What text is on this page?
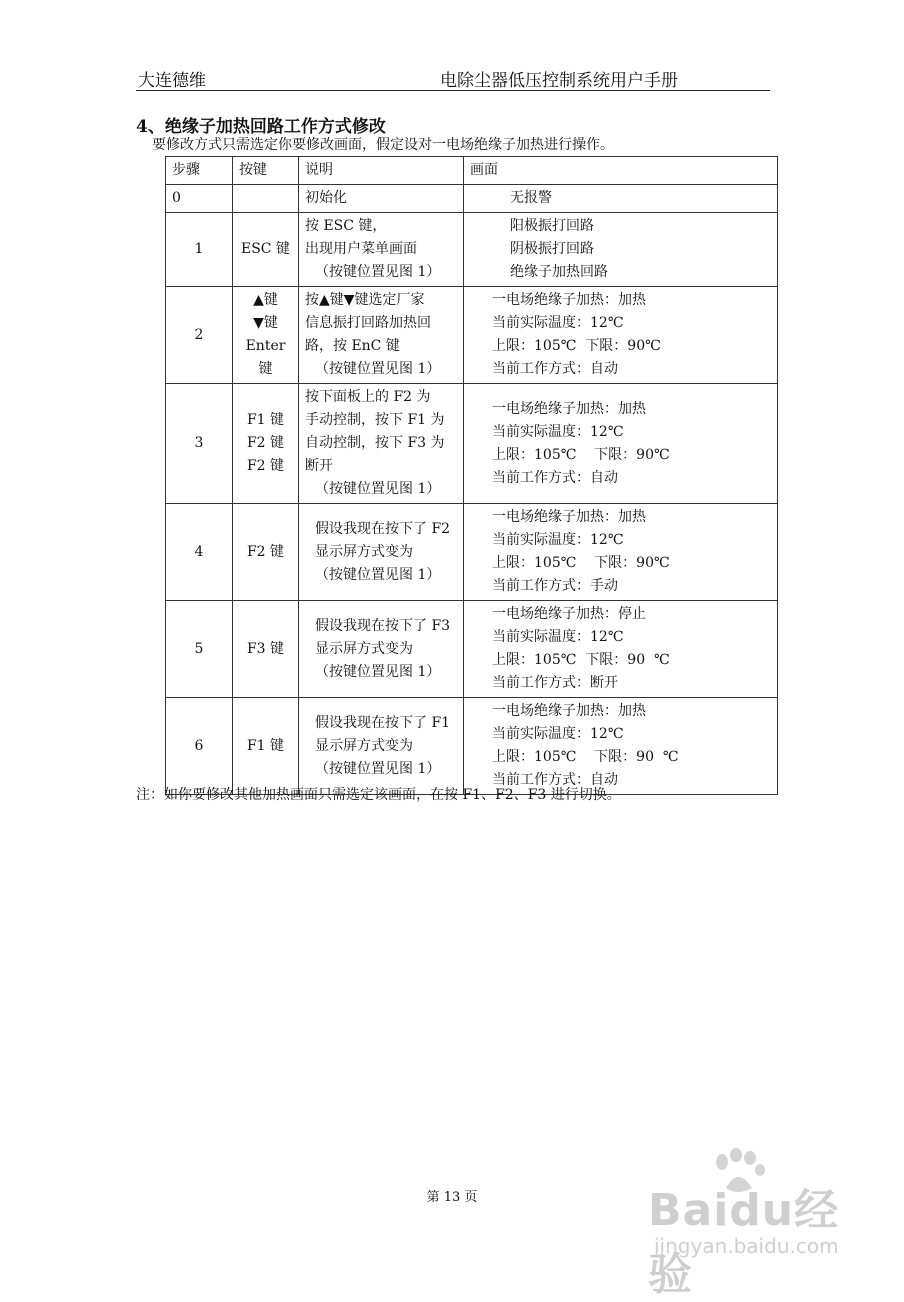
大连德维	电除尘器低压控制系统用户手册
4、绝缘子加热回路工作方式修改
要修改方式只需选定你要修改画面，假定设对一电场绝缘子加热进行操作。
步骤	按键	说明	画面
0		初始化	无报警

1	ESC 键	按 ESC 键，
出现用户菜单画面
（按键位置见图 1）	阳极振打回路
阴极振打回路
绝缘子加热回路

2	▲键
▼键
Enter
键	按▲键▼键选定厂家
信息振打回路加热回
路，按 EnC 键
（按键位置见图 1）	一电场绝缘子加热：加热
当前实际温度：12℃
上限：105℃  下限：90℃
当前工作方式：自动

3	F1 键
F2 键
F2 键	按下面板上的 F2 为
手动控制，按下 F1 为
自动控制，按下 F3 为
断开
（按键位置见图 1）	一电场绝缘子加热：加热
当前实际温度：12℃
上限：105℃    下限：90℃
当前工作方式：自动

4	F2 键	假设我现在按下了 F2
显示屏方式变为
（按键位置见图 1）	一电场绝缘子加热：加热
当前实际温度：12℃
上限：105℃    下限：90℃
当前工作方式：手动

5	F3 键	假设我现在按下了 F3
显示屏方式变为
（按键位置见图 1）	一电场绝缘子加热：停止
当前实际温度：12℃
上限：105℃  下限：90  ℃
当前工作方式：断开

6	F1 键	假设我现在按下了 F1
显示屏方式变为
（按键位置见图 1）	一电场绝缘子加热：加热
当前实际温度：12℃
上限：105℃    下限：90  ℃
当前工作方式：自动
注：如你要修改其他加热画面只需选定该画面，在按 F1、F2、F3 进行切换。
第 13 页	Baidu经验
jingyan.baidu.com
